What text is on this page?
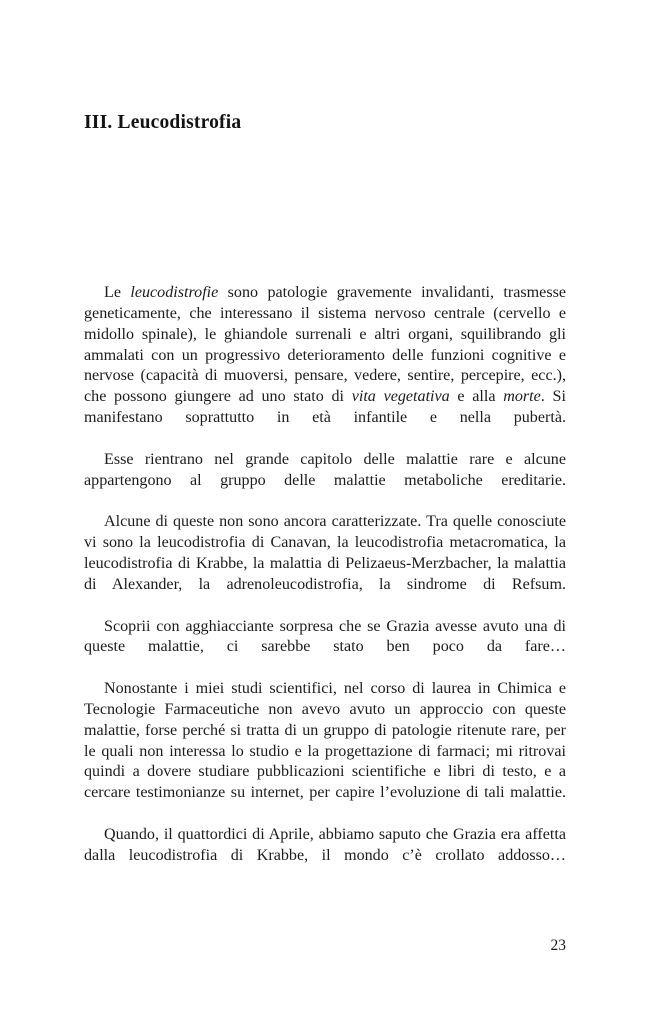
III. Leucodistrofia

Le leucodistrofie sono patologie gravemente invalidanti, trasmesse geneticamente, che interessano il sistema nervoso centrale (cervello e midollo spinale), le ghiandole surrenali e altri organi, squilibrando gli ammalati con un progressivo deterioramento delle funzioni cognitive e nervose (capacità di muoversi, pensare, vedere, sentire, percepire, ecc.), che possono giungere ad uno stato di vita vegetativa e alla morte. Si manifestano soprattutto in età infantile e nella pubertà.

Esse rientrano nel grande capitolo delle malattie rare e alcune appartengono al gruppo delle malattie metaboliche ereditarie.

Alcune di queste non sono ancora caratterizzate. Tra quelle conosciute vi sono la leucodistrofia di Canavan, la leucodistrofia metacromatica, la leucodistrofia di Krabbe, la malattia di Pelizaeus-Merzbacher, la malattia di Alexander, la adrenoleucodistrofia, la sindrome di Refsum.

Scoprii con agghiacciante sorpresa che se Grazia avesse avuto una di queste malattie, ci sarebbe stato ben poco da fare…

Nonostante i miei studi scientifici, nel corso di laurea in Chimica e Tecnologie Farmaceutiche non avevo avuto un approccio con queste malattie, forse perché si tratta di un gruppo di patologie ritenute rare, per le quali non interessa lo studio e la progettazione di farmaci; mi ritrovai quindi a dovere studiare pubblicazioni scientifiche e libri di testo, e a cercare testimonianze su internet, per capire l’evoluzione di tali malattie.

Quando, il quattordici di Aprile, abbiamo saputo che Grazia era affetta dalla leucodistrofia di Krabbe, il mondo c’è crollato addosso…

23
